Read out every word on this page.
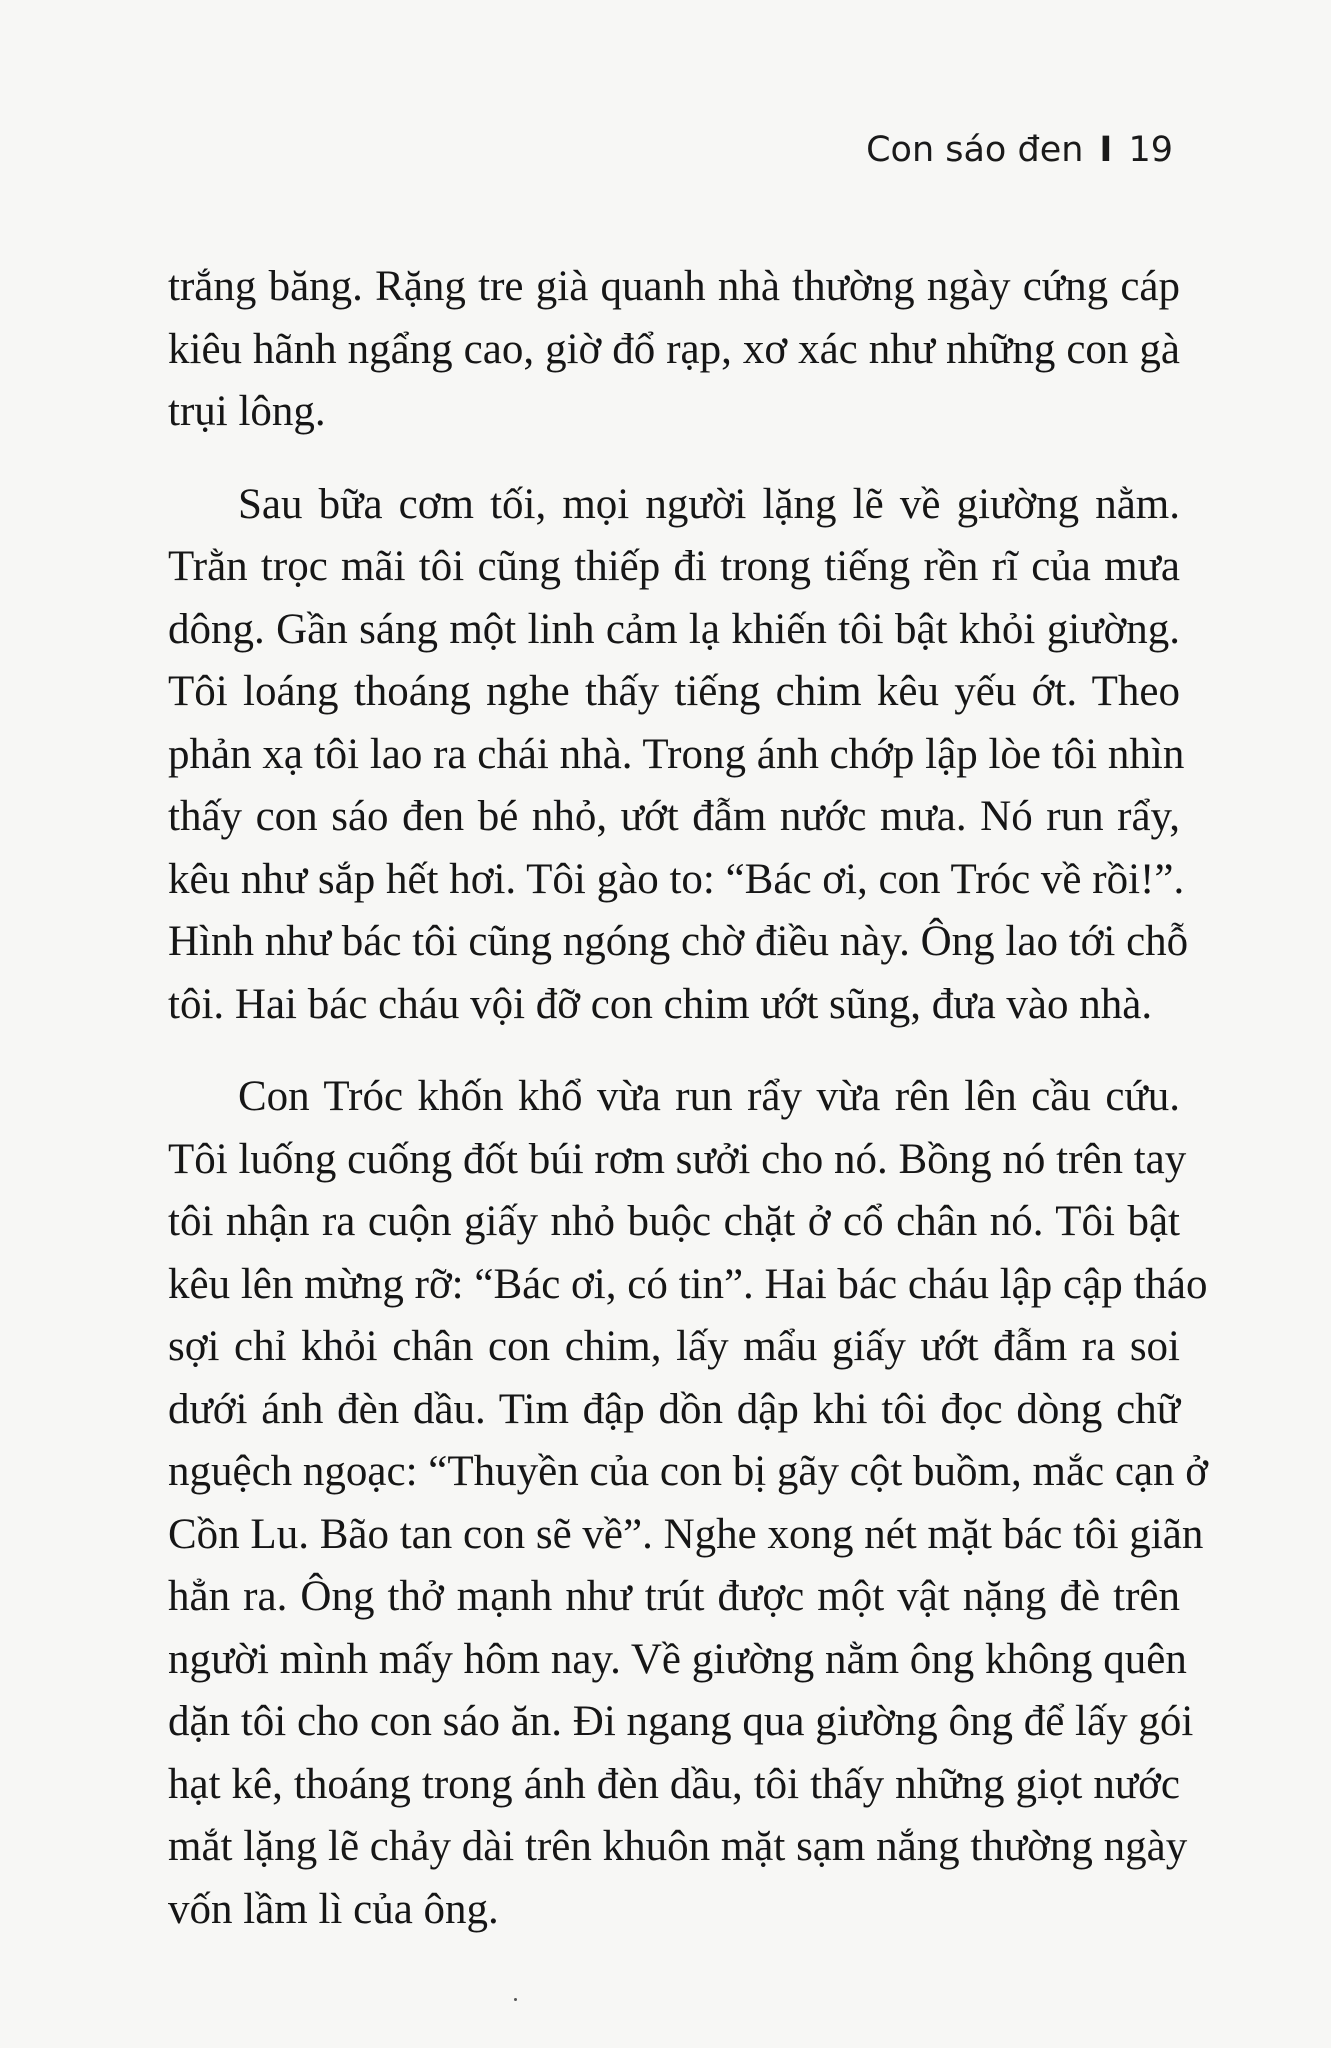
Con sáo đen I 19

trắng băng. Rặng tre già quanh nhà thường ngày cứng cáp
kiêu hãnh ngẩng cao, giờ đổ rạp, xơ xác như những con gà
trụi lông.

Sau bữa cơm tối, mọi người lặng lẽ về giường nằm.
Trằn trọc mãi tôi cũng thiếp đi trong tiếng rền rĩ của mưa
dông. Gần sáng một linh cảm lạ khiến tôi bật khỏi giường.
Tôi loáng thoáng nghe thấy tiếng chim kêu yếu ớt. Theo
phản xạ tôi lao ra chái nhà. Trong ánh chớp lập lòe tôi nhìn
thấy con sáo đen bé nhỏ, ướt đẫm nước mưa. Nó run rẩy,
kêu như sắp hết hơi. Tôi gào to: “Bác ơi, con Tróc về rồi!”.
Hình như bác tôi cũng ngóng chờ điều này. Ông lao tới chỗ
tôi. Hai bác cháu vội đỡ con chim ướt sũng, đưa vào nhà.

Con Tróc khốn khổ vừa run rẩy vừa rên lên cầu cứu.
Tôi luống cuống đốt búi rơm sưởi cho nó. Bồng nó trên tay
tôi nhận ra cuộn giấy nhỏ buộc chặt ở cổ chân nó. Tôi bật
kêu lên mừng rỡ: “Bác ơi, có tin”. Hai bác cháu lập cập tháo
sợi chỉ khỏi chân con chim, lấy mẩu giấy ướt đẫm ra soi
dưới ánh đèn dầu. Tim đập dồn dập khi tôi đọc dòng chữ
nguệch ngoạc: “Thuyền của con bị gãy cột buồm, mắc cạn ở
Cồn Lu. Bão tan con sẽ về”. Nghe xong nét mặt bác tôi giãn
hẳn ra. Ông thở mạnh như trút được một vật nặng đè trên
người mình mấy hôm nay. Về giường nằm ông không quên
dặn tôi cho con sáo ăn. Đi ngang qua giường ông để lấy gói
hạt kê, thoáng trong ánh đèn dầu, tôi thấy những giọt nước
mắt lặng lẽ chảy dài trên khuôn mặt sạm nắng thường ngày
vốn lầm lì của ông.
